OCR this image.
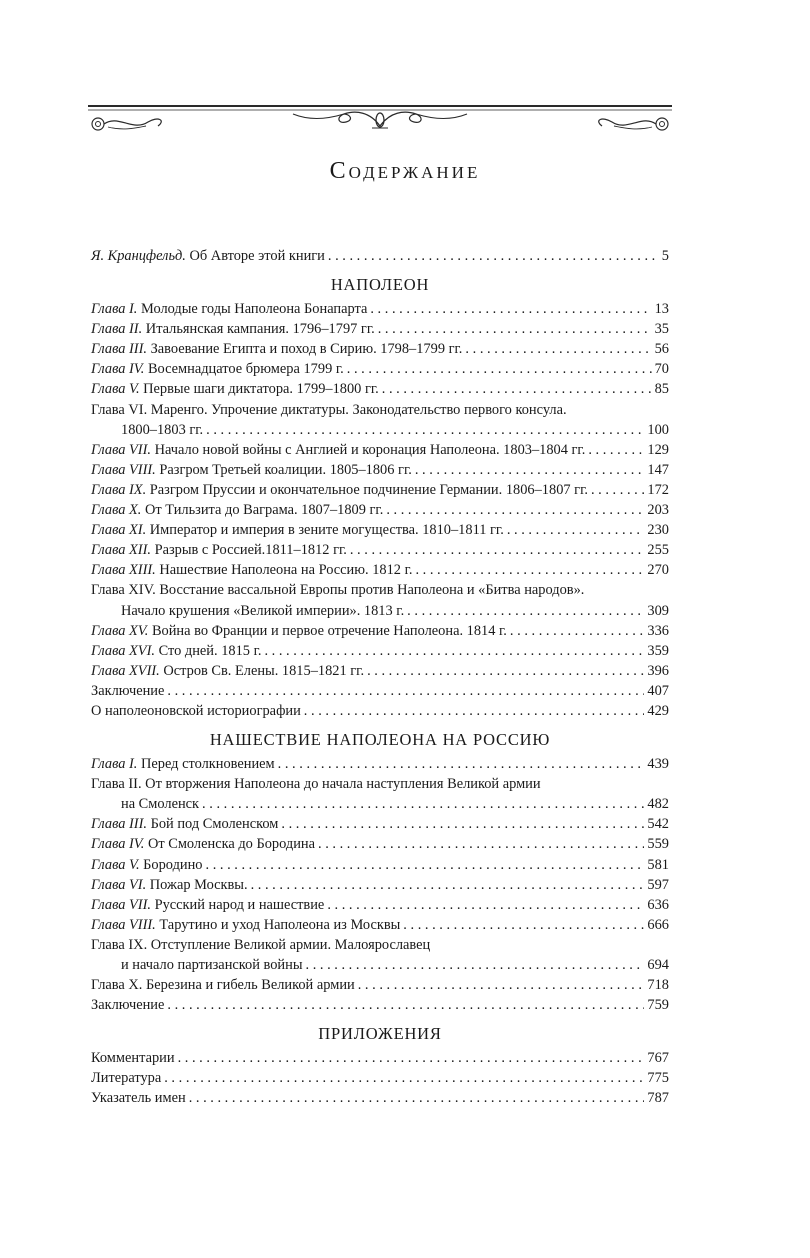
Содержание
Я. Кранцфельд. Об Авторе этой книги . . .	5
НАПОЛЕОН
Глава I. Молодые годы Наполеона Бонапарта . . .	13
Глава II. Итальянская кампания. 1796–1797 гг. . . .	35
Глава III. Завоевание Египта и поход в Сирию. 1798–1799 гг. . . .	56
Глава IV. Восемнадцатое брюмера 1799 г. . . .	70
Глава V. Первые шаги диктатора. 1799–1800 гг. . . .	85
Глава VI. Маренго. Упрочение диктатуры. Законодательство первого консула.
1800–1803 гг. . . .	100
Глава VII. Начало новой войны с Англией и коронация Наполеона. 1803–1804 гг. . . .	129
Глава VIII. Разгром Третьей коалиции. 1805–1806 гг. . . .	147
Глава IX. Разгром Пруссии и окончательное подчинение Германии. 1806–1807 гг. . . .	172
Глава X. От Тильзита до Ваграма. 1807–1809 гг. . . .	203
Глава XI. Император и империя в зените могущества. 1810–1811 гг. . . .	230
Глава XII. Разрыв с Россией.1811–1812 гг. . . .	255
Глава XIII. Нашествие Наполеона на Россию. 1812 г. . . .	270
Глава XIV. Восстание вассальной Европы против Наполеона и «Битва народов».
Начало крушения «Великой империи». 1813 г. . . .	309
Глава XV. Война во Франции и первое отречение Наполеона. 1814 г. . . .	336
Глава XVI. Сто дней. 1815 г. . . .	359
Глава XVII. Остров Св. Елены. 1815–1821 гг. . . .	396
Заключение . . .	407
О наполеоновской историографии . . .	429
НАШЕСТВИЕ НАПОЛЕОНА НА РОССИЮ
Глава I. Перед столкновением . . .	439
Глава II. От вторжения Наполеона до начала наступления Великой армии
на Смоленск . . .	482
Глава III. Бой под Смоленском . . .	542
Глава IV. От Смоленска до Бородина . . .	559
Глава V. Бородино . . .	581
Глава VI. Пожар Москвы. . . .	597
Глава VII. Русский народ и нашествие . . .	636
Глава VIII. Тарутино и уход Наполеона из Москвы . . .	666
Глава IX. Отступление Великой армии. Малоярославец
и начало партизанской войны . . .	694
Глава X. Березина и гибель Великой армии . . .	718
Заключение . . .	759
ПРИЛОЖЕНИЯ
Комментарии . . .	767
Литература . . .	775
Указатель имен . . .	787
